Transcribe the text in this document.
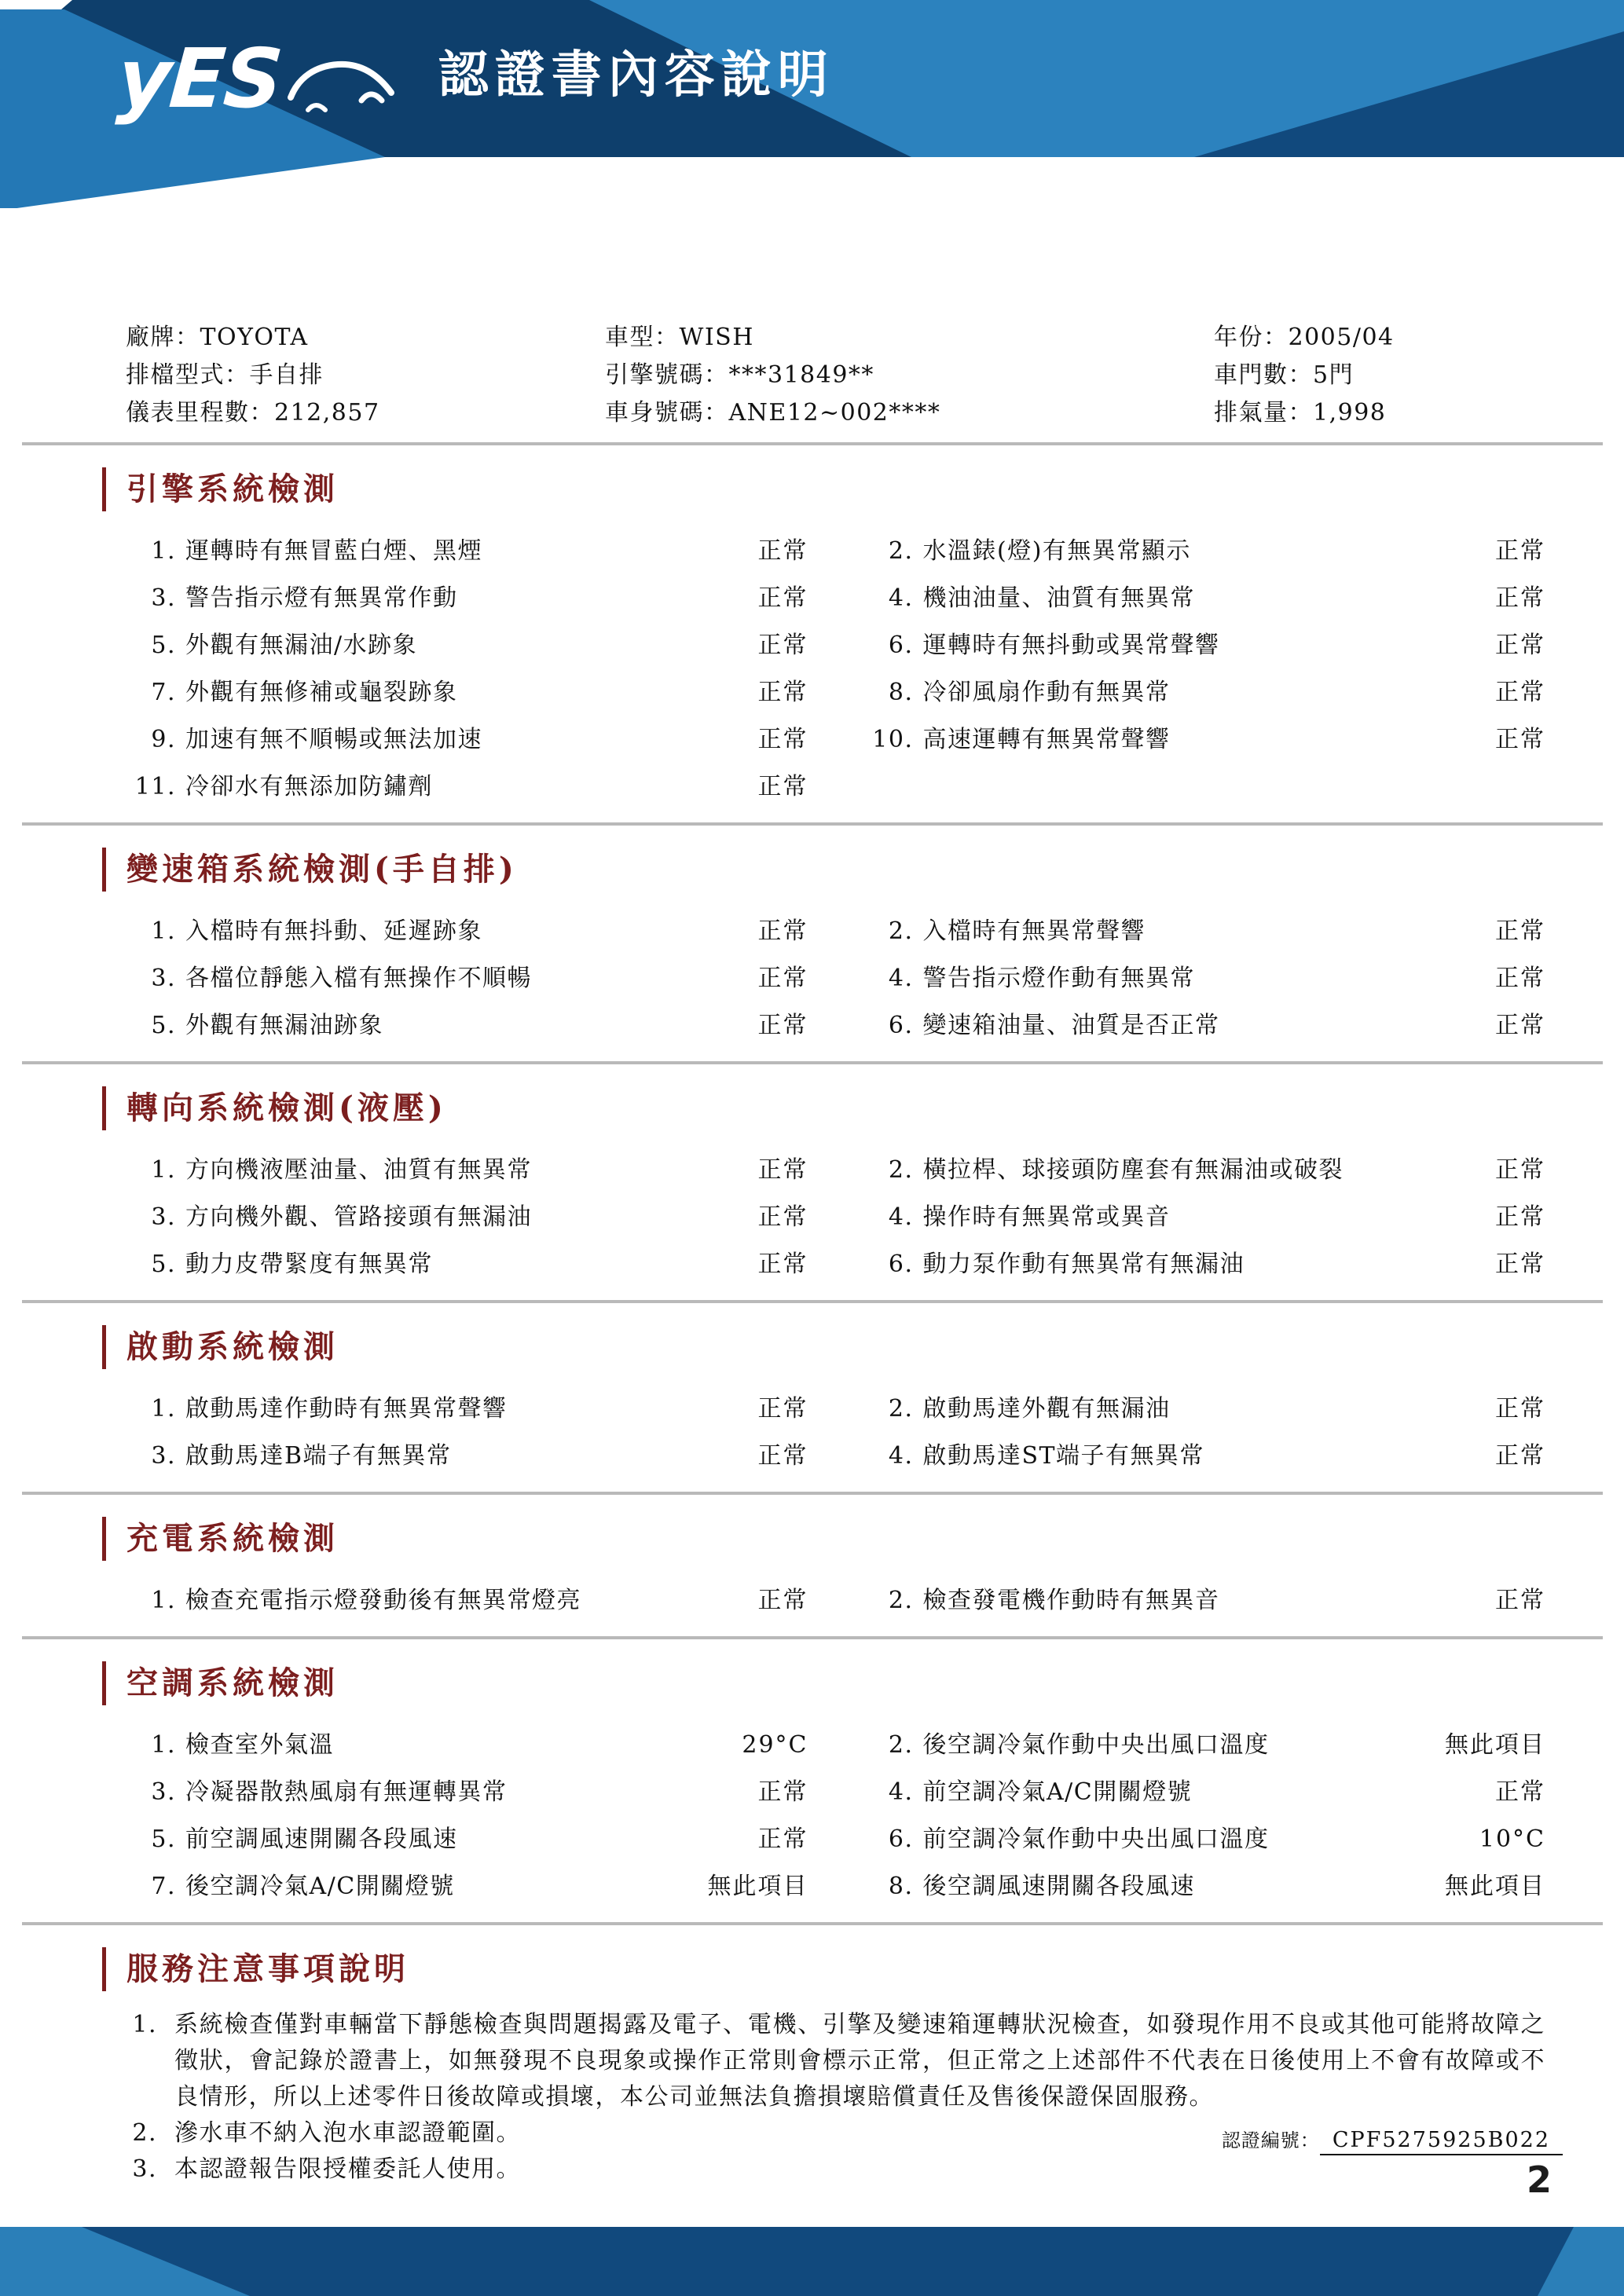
yES	認證書內容說明
廠牌：TOYOTA	車型：WISH	年份：2005/04
排檔型式：手自排	引擎號碼：***31849**	車門數：5門
儀表里程數：212,857	車身號碼：ANE12~002****	排氣量：1,998
引擎系統檢測
1. 運轉時有無冒藍白煙、黑煙	正常	2. 水溫錶(燈)有無異常顯示	正常
3. 警告指示燈有無異常作動	正常	4. 機油油量、油質有無異常	正常
5. 外觀有無漏油/水跡象	正常	6. 運轉時有無抖動或異常聲響	正常
7. 外觀有無修補或龜裂跡象	正常	8. 冷卻風扇作動有無異常	正常
9. 加速有無不順暢或無法加速	正常	10. 高速運轉有無異常聲響	正常
11. 冷卻水有無添加防鏽劑	正常
變速箱系統檢測(手自排)
1. 入檔時有無抖動、延遲跡象	正常	2. 入檔時有無異常聲響	正常
3. 各檔位靜態入檔有無操作不順暢	正常	4. 警告指示燈作動有無異常	正常
5. 外觀有無漏油跡象	正常	6. 變速箱油量、油質是否正常	正常
轉向系統檢測(液壓)
1. 方向機液壓油量、油質有無異常	正常	2. 橫拉桿、球接頭防塵套有無漏油或破裂	正常
3. 方向機外觀、管路接頭有無漏油	正常	4. 操作時有無異常或異音	正常
5. 動力皮帶緊度有無異常	正常	6. 動力泵作動有無異常有無漏油	正常
啟動系統檢測
1. 啟動馬達作動時有無異常聲響	正常	2. 啟動馬達外觀有無漏油	正常
3. 啟動馬達B端子有無異常	正常	4. 啟動馬達ST端子有無異常	正常
充電系統檢測
1. 檢查充電指示燈發動後有無異常燈亮	正常	2. 檢查發電機作動時有無異音	正常
空調系統檢測
1. 檢查室外氣溫	29°C	2. 後空調冷氣作動中央出風口溫度	無此項目
3. 冷凝器散熱風扇有無運轉異常	正常	4. 前空調冷氣A/C開關燈號	正常
5. 前空調風速開關各段風速	正常	6. 前空調冷氣作動中央出風口溫度	10°C
7. 後空調冷氣A/C開關燈號	無此項目	8. 後空調風速開關各段風速	無此項目
服務注意事項說明
1. 系統檢查僅對車輛當下靜態檢查與問題揭露及電子、電機、引擎及變速箱運轉狀況檢查，如發現作用不良或其他可能將故障之徵狀，會記錄於證書上，如無發現不良現象或操作正常則會標示正常，但正常之上述部件不代表在日後使用上不會有故障或不良情形，所以上述零件日後故障或損壞，本公司並無法負擔損壞賠償責任及售後保證保固服務。
2. 滲水車不納入泡水車認證範圍。
3. 本認證報告限授權委託人使用。
認證編號： CPF5275925B022
2
